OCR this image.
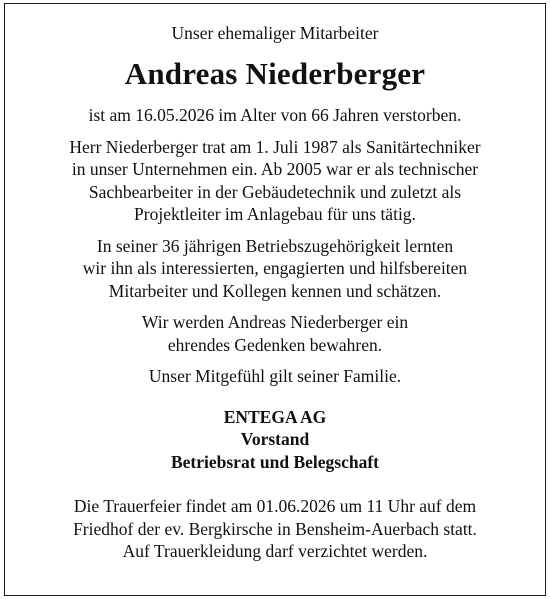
Unser ehemaliger Mitarbeiter
Andreas Niederberger

ist am 16.05.2026 im Alter von 66 Jahren verstorben.

Herr Niederberger trat am 1. Juli 1987 als Sanitärtechniker
in unser Unternehmen ein. Ab 2005 war er als technischer
Sachbearbeiter in der Gebäudetechnik und zuletzt als
Projektleiter im Anlagebau für uns tätig.

In seiner 36 jährigen Betriebszugehörigkeit lernten
wir ihn als interessierten, engagierten und hilfsbereiten
Mitarbeiter und Kollegen kennen und schätzen.

Wir werden Andreas Niederberger ein
ehrendes Gedenken bewahren.

Unser Mitgefühl gilt seiner Familie.

ENTEGA AG
Vorstand
Betriebsrat und Belegschaft
Die Trauerfeier findet am 01.06.2026 um 11 Uhr auf dem
Friedhof der ev. Bergkirsche in Bensheim-Auerbach statt.
Auf Trauerkleidung darf verzichtet werden.
